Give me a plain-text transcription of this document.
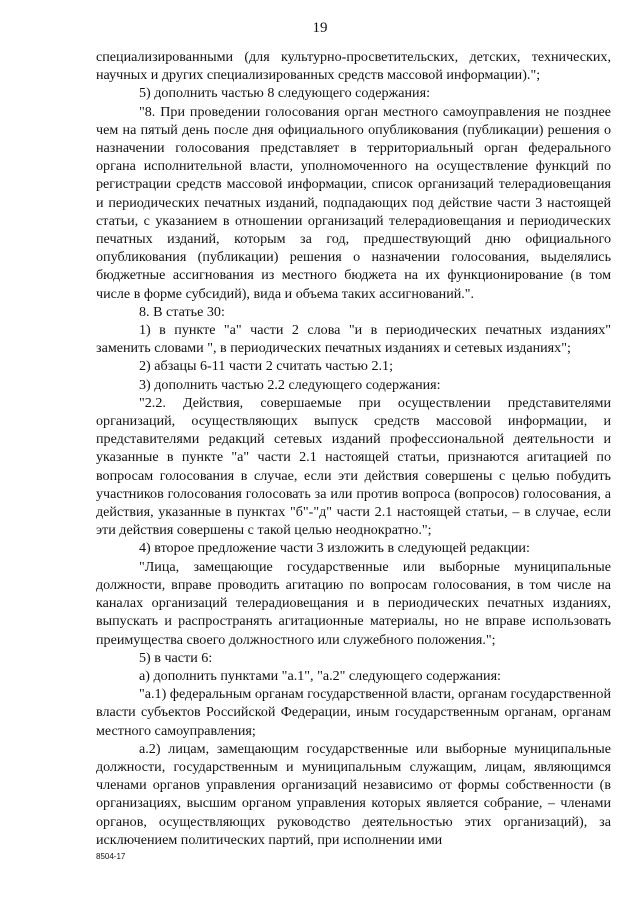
19

специализированными (для культурно-просветительских, детских, технических, научных и других специализированных средств массовой информации).";

5) дополнить частью 8 следующего содержания:

"8. При проведении голосования орган местного самоуправления не позднее чем на пятый день после дня официального опубликования (публикации) решения о назначении голосования представляет в территориальный орган федерального органа исполнительной власти, уполномоченного на осуществление функций по регистрации средств массовой информации, список организаций телерадиовещания и периодических печатных изданий, подпадающих под действие части 3 настоящей статьи, с указанием в отношении организаций телерадиовещания и периодических печатных изданий, которым за год, предшествующий дню официального опубликования (публикации) решения о назначении голосования, выделялись бюджетные ассигнования из местного бюджета на их функционирование (в том числе в форме субсидий), вида и объема таких ассигнований.".

8. В статье 30:

1) в пункте "а" части 2 слова "и в периодических печатных изданиях" заменить словами ", в периодических печатных изданиях и сетевых изданиях";

2) абзацы 6-11 части 2 считать частью 2.1;

3) дополнить частью 2.2 следующего содержания:

"2.2. Действия, совершаемые при осуществлении представителями организаций, осуществляющих выпуск средств массовой информации, и представителями редакций сетевых изданий профессиональной деятельности и указанные в пункте "а" части 2.1 настоящей статьи, признаются агитацией по вопросам голосования в случае, если эти действия совершены с целью побудить участников голосования голосовать за или против вопроса (вопросов) голосования, а действия, указанные в пунктах "б"-"д" части 2.1 настоящей статьи, – в случае, если эти действия совершены с такой целью неоднократно.";

4) второе предложение части 3 изложить в следующей редакции:

"Лица, замещающие государственные или выборные муниципальные должности, вправе проводить агитацию по вопросам голосования, в том числе на каналах организаций телерадиовещания и в периодических печатных изданиях, выпускать и распространять агитационные материалы, но не вправе использовать преимущества своего должностного или служебного положения.";

5) в части 6:

а) дополнить пунктами "а.1", "а.2" следующего содержания:

"а.1) федеральным органам государственной власти, органам государственной власти субъектов Российской Федерации, иным государственным органам, органам местного самоуправления;

а.2) лицам, замещающим государственные или выборные муниципальные должности, государственным и муниципальным служащим, лицам, являющимся членами органов управления организаций независимо от формы собственности (в организациях, высшим органом управления которых является собрание, – членами органов, осуществляющих руководство деятельностью этих организаций), за исключением политических партий, при исполнении ими

8504-17
